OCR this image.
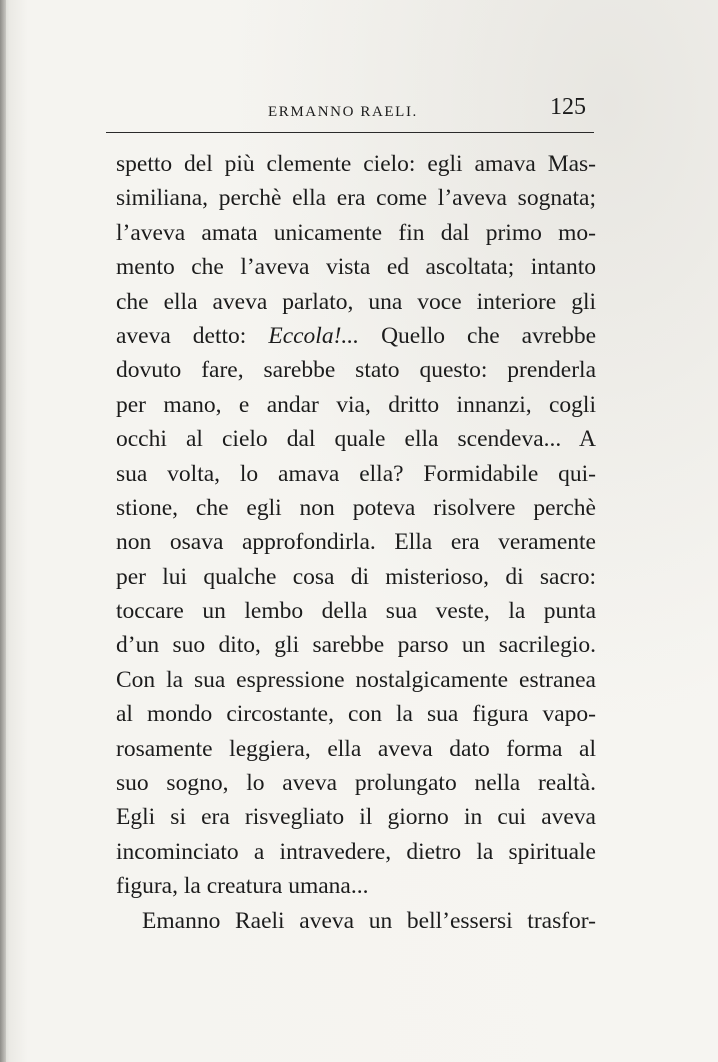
ERMANNO RAELI.	125
spetto del più clemente cielo: egli amava Mas-
similiana, perchè ella era come l’aveva sognata;
l’aveva amata unicamente fin dal primo mo-
mento che l’aveva vista ed ascoltata; intanto
che ella aveva parlato, una voce interiore gli
aveva detto: Eccola!... Quello che avrebbe
dovuto fare, sarebbe stato questo: prenderla
per mano, e andar via, dritto innanzi, cogli
occhi al cielo dal quale ella scendeva... A
sua volta, lo amava ella? Formidabile qui-
stione, che egli non poteva risolvere perchè
non osava approfondirla. Ella era veramente
per lui qualche cosa di misterioso, di sacro:
toccare un lembo della sua veste, la punta
d’un suo dito, gli sarebbe parso un sacrilegio.
Con la sua espressione nostalgicamente estranea
al mondo circostante, con la sua figura vapo-
rosamente leggiera, ella aveva dato forma al
suo sogno, lo aveva prolungato nella realtà.
Egli si era risvegliato il giorno in cui aveva
incominciato a intravedere, dietro la spirituale
figura, la creatura umana...
Emanno Raeli aveva un bell’essersi trasfor-
